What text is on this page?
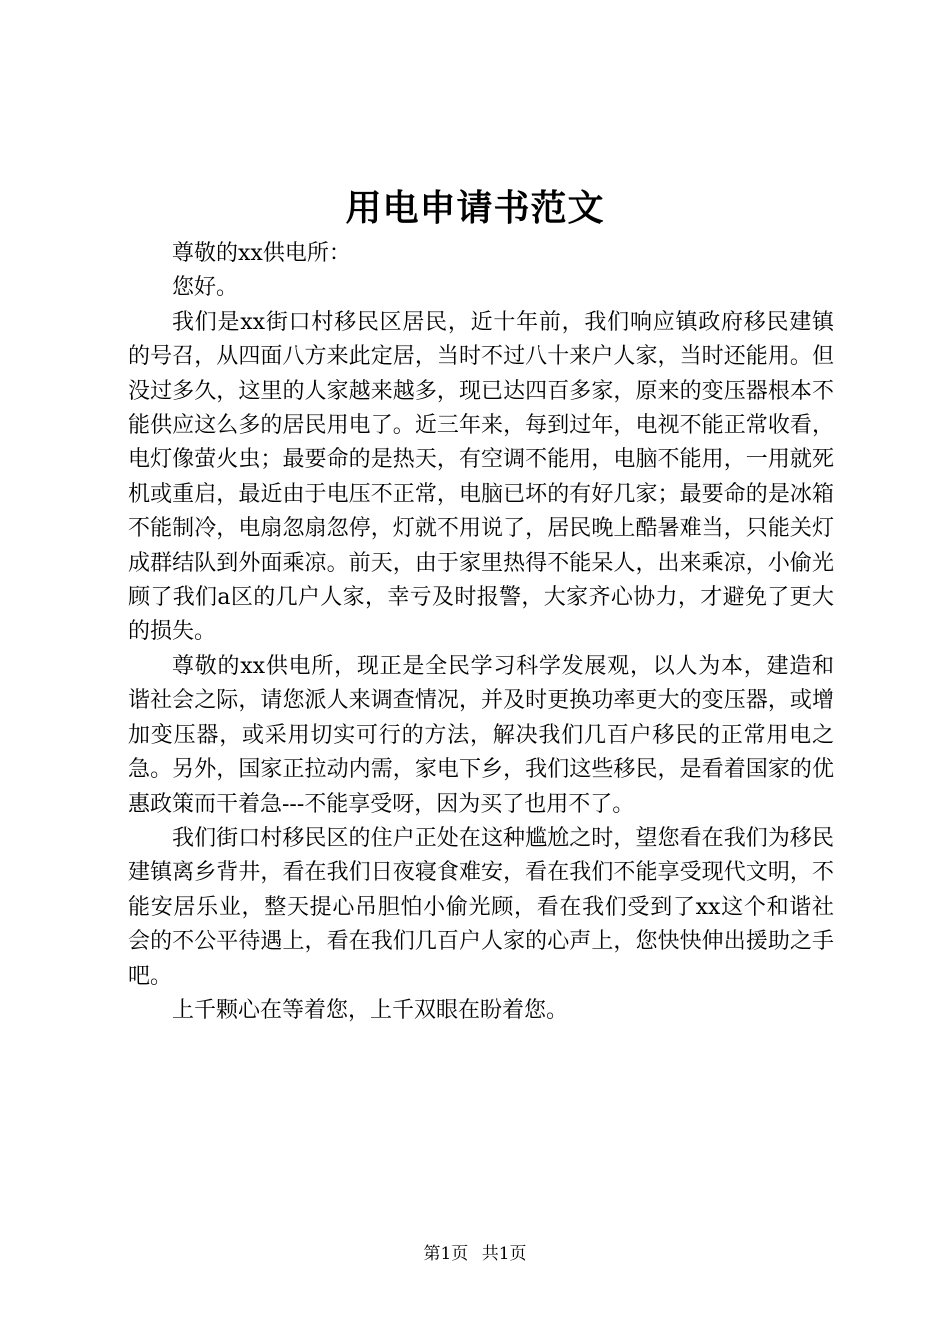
用电申请书范文

尊敬的xx供电所：

您好。

我们是xx街口村移民区居民，近十年前，我们响应镇政府移民建镇的号召，从四面八方来此定居，当时不过八十来户人家，当时还能用。但没过多久，这里的人家越来越多，现已达四百多家，原来的变压器根本不能供应这么多的居民用电了。近三年来，每到过年，电视不能正常收看，电灯像萤火虫；最要命的是热天，有空调不能用，电脑不能用，一用就死机或重启，最近由于电压不正常，电脑已坏的有好几家；最要命的是冰箱不能制冷，电扇忽扇忽停，灯就不用说了，居民晚上酷暑难当，只能关灯成群结队到外面乘凉。前天，由于家里热得不能呆人，出来乘凉，小偷光顾了我们a区的几户人家，幸亏及时报警，大家齐心协力，才避免了更大的损失。

尊敬的xx供电所，现正是全民学习科学发展观，以人为本，建造和谐社会之际，请您派人来调查情况，并及时更换功率更大的变压器，或增加变压器，或采用切实可行的方法，解决我们几百户移民的正常用电之急。另外，国家正拉动内需，家电下乡，我们这些移民，是看着国家的优惠政策而干着急---不能享受呀，因为买了也用不了。

我们街口村移民区的住户正处在这种尴尬之时，望您看在我们为移民建镇离乡背井，看在我们日夜寝食难安，看在我们不能享受现代文明，不能安居乐业，整天提心吊胆怕小偷光顾，看在我们受到了xx这个和谐社会的不公平待遇上，看在我们几百户人家的心声上，您快快伸出援助之手吧。

上千颗心在等着您，上千双眼在盼着您。

第1页 共1页
